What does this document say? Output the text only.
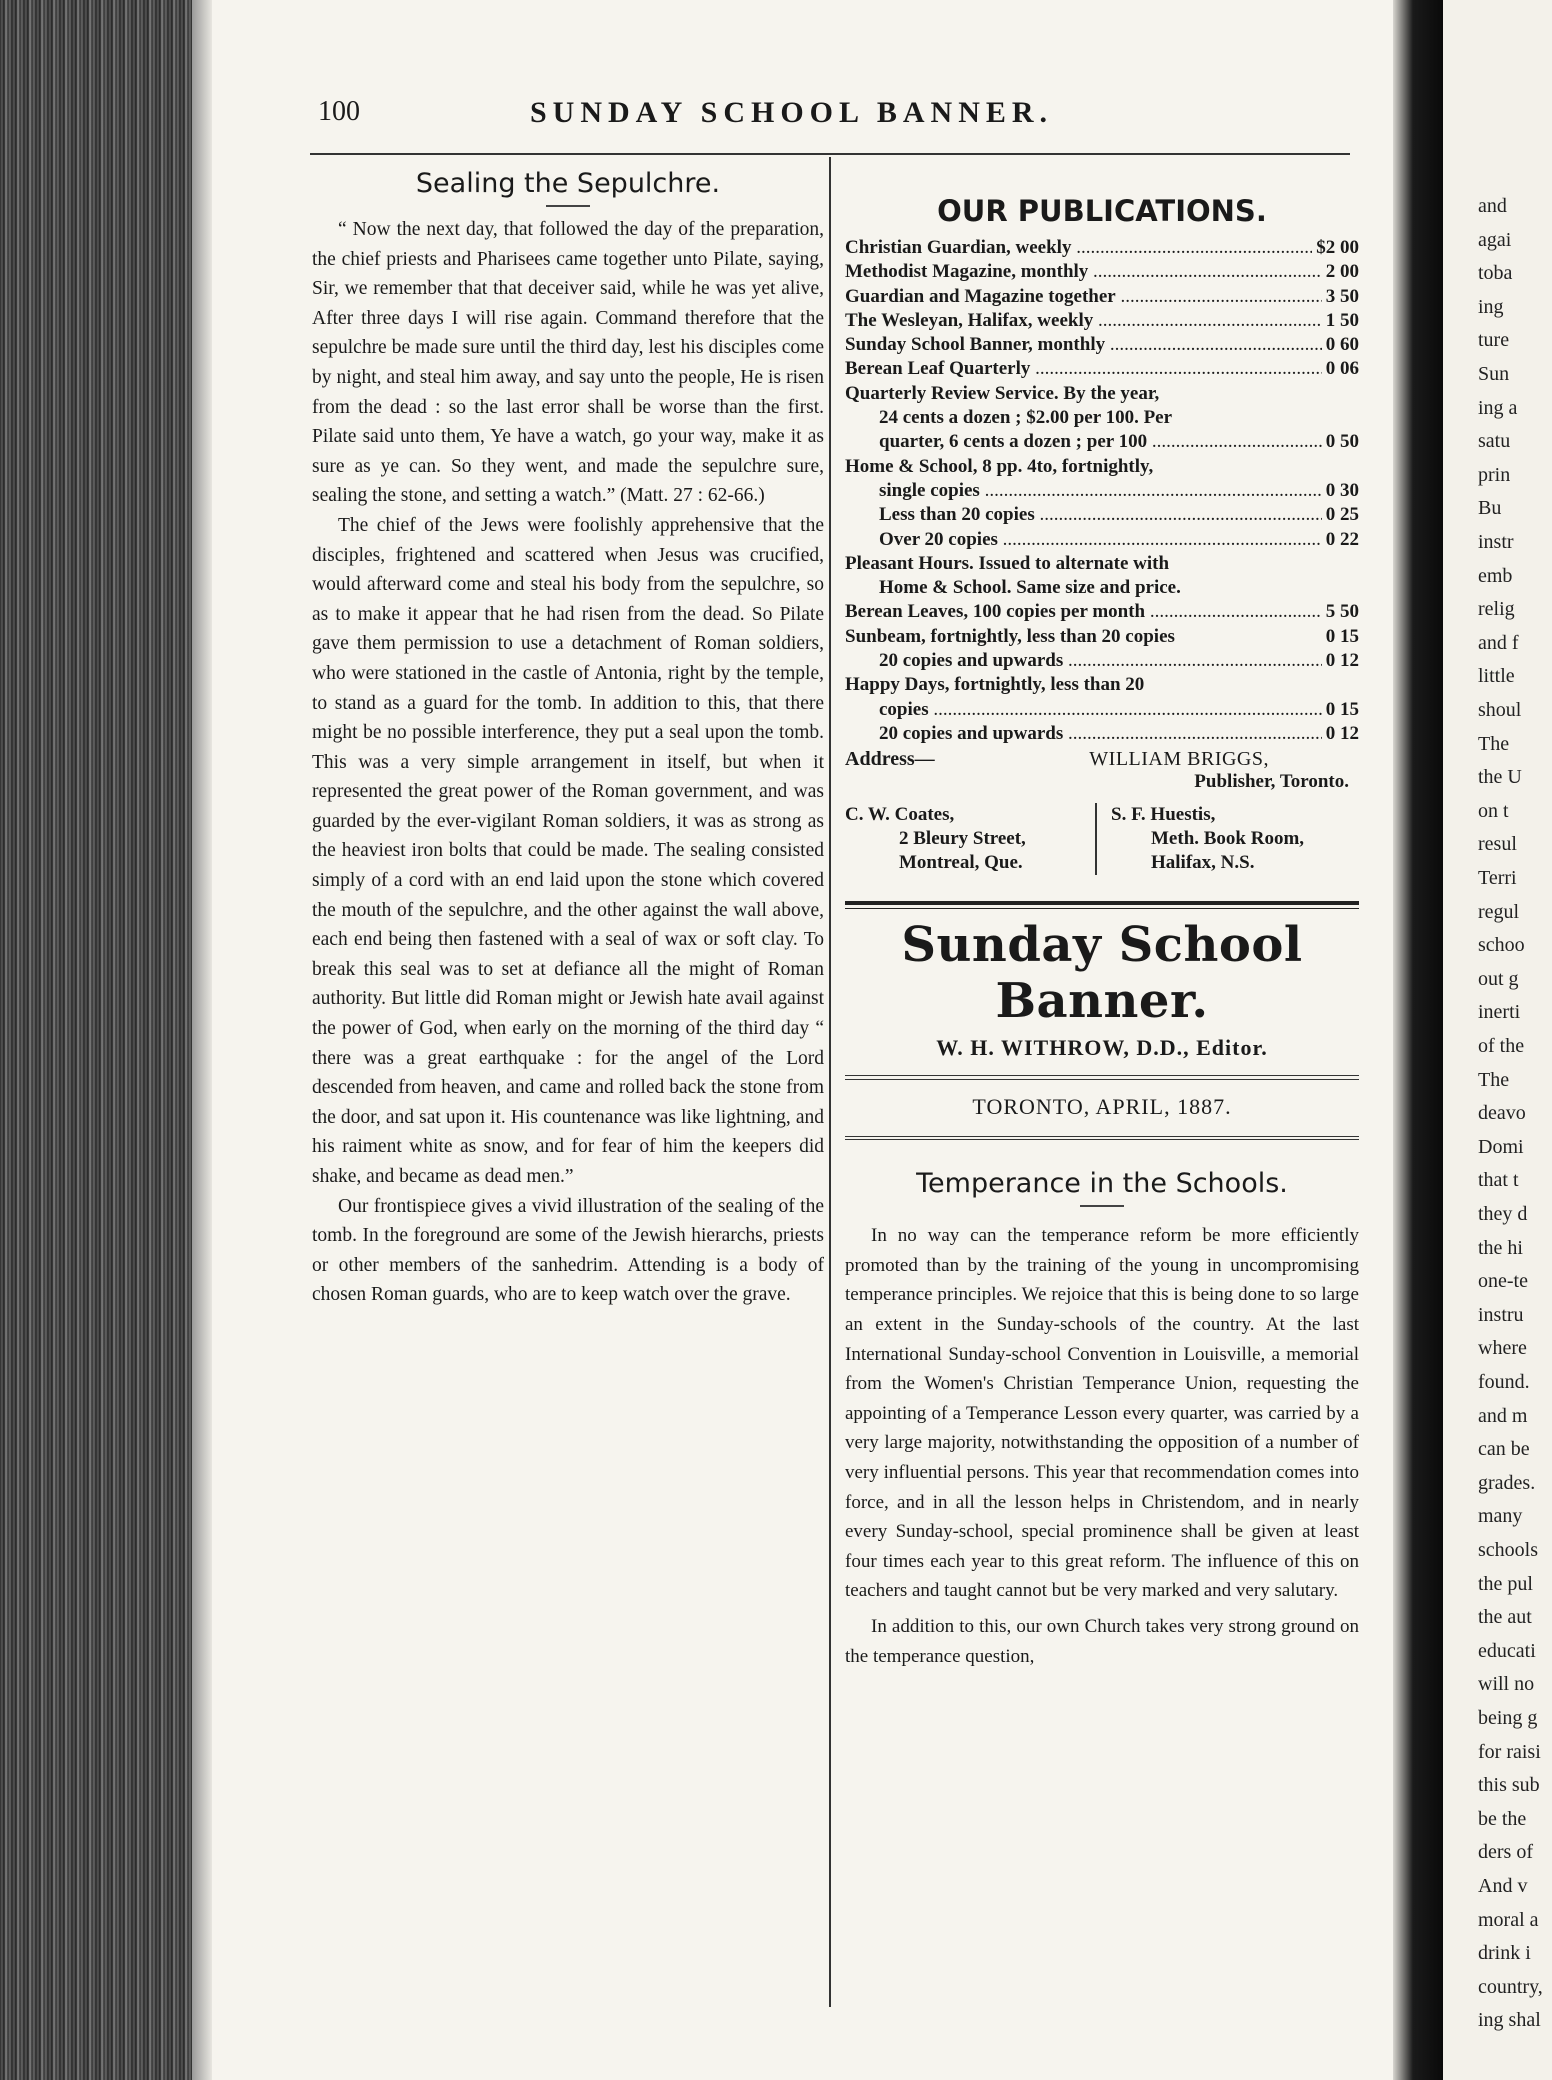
100	SUNDAY SCHOOL BANNER.
Sealing the Sepulchre.

“ Now the next day, that followed the day of the preparation, the chief priests and Pharisees came together unto Pilate, saying, Sir, we remember that that deceiver said, while he was yet alive, After three days I will rise again. Command therefore that the sepulchre be made sure until the third day, lest his disciples come by night, and steal him away, and say unto the people, He is risen from the dead : so the last error shall be worse than the first. Pilate said unto them, Ye have a watch, go your way, make it as sure as ye can. So they went, and made the sepulchre sure, sealing the stone, and setting a watch.” (Matt. 27 : 62-66.)

The chief of the Jews were foolishly apprehensive that the disciples, frightened and scattered when Jesus was crucified, would afterward come and steal his body from the sepulchre, so as to make it appear that he had risen from the dead. So Pilate gave them permission to use a detachment of Roman soldiers, who were stationed in the castle of Antonia, right by the temple, to stand as a guard for the tomb. In addition to this, that there might be no possible interference, they put a seal upon the tomb. This was a very simple arrangement in itself, but when it represented the great power of the Roman government, and was guarded by the ever-vigilant Roman soldiers, it was as strong as the heaviest iron bolts that could be made. The sealing consisted simply of a cord with an end laid upon the stone which covered the mouth of the sepulchre, and the other against the wall above, each end being then fastened with a seal of wax or soft clay. To break this seal was to set at defiance all the might of Roman authority. But little did Roman might or Jewish hate avail against the power of God, when early on the morning of the third day “ there was a great earthquake : for the angel of the Lord descended from heaven, and came and rolled back the stone from the door, and sat upon it. His countenance was like lightning, and his raiment white as snow, and for fear of him the keepers did shake, and became as dead men.”

Our frontispiece gives a vivid illustration of the sealing of the tomb. In the foreground are some of the Jewish hierarchs, priests or other members of the sanhedrim. Attending is a body of chosen Roman guards, who are to keep watch over the grave.

OUR PUBLICATIONS.
Christian Guardian, weekly .....	$2 00
Methodist Magazine, monthly .....	2 00
Guardian and Magazine together .....	3 50
The Wesleyan, Halifax, weekly .....	1 50
Sunday School Banner, monthly .....	0 60
Berean Leaf Quarterly .....	0 06
Quarterly Review Service. By the year,
24 cents a dozen ; $2.00 per 100. Per
quarter, 6 cents a dozen ; per 100 .....	0 50
Home & School, 8 pp. 4to, fortnightly,
single copies .....	0 30
Less than 20 copies .....	0 25
Over 20 copies .....	0 22
Pleasant Hours. Issued to alternate with
Home & School. Same size and price.
Berean Leaves, 100 copies per month .....	5 50
Sunbeam, fortnightly, less than 20 copies	0 15
20 copies and upwards .....	0 12
Happy Days, fortnightly, less than 20
copies .....	0 15
20 copies and upwards .....	0 12
Address—	WILLIAM BRIGGS,
Publisher, Toronto.
C. W. Coates,
2 Bleury Street,
Montreal, Que.
S. F. Huestis,
Meth. Book Room,
Halifax, N.S.
Sunday School Banner.
W. H. WITHROW, D.D., Editor.
TORONTO, APRIL, 1887.
Temperance in the Schools.

In no way can the temperance reform be more efficiently promoted than by the training of the young in uncompromising temperance principles. We rejoice that this is being done to so large an extent in the Sunday-schools of the country. At the last International Sunday-school Convention in Louisville, a memorial from the Women's Christian Temperance Union, requesting the appointing of a Temperance Lesson every quarter, was carried by a very large majority, notwithstanding the opposition of a number of very influential persons. This year that recommendation comes into force, and in all the lesson helps in Christendom, and in nearly every Sunday-school, special prominence shall be given at least four times each year to this great reform. The influence of this on teachers and taught cannot but be very marked and very salutary.

In addition to this, our own Church takes very strong ground on the temperance question,

and
agai
toba
ing
ture
Sun
ing a
satu
prin
Bu
instr
emb
relig
and f
little
shoul
The
the U
on t
resul
Terri
regul
schoo
out g
inerti
of the
The
deavo
Domi
that t
they d
the hi
one-te
instru
where
found.
and m
can be
grades.
many
schools
the pul
the aut
educati
will no
being g
for raisi
this sub
be the
ders of
And v
moral a
drink i
country,
ing shal
